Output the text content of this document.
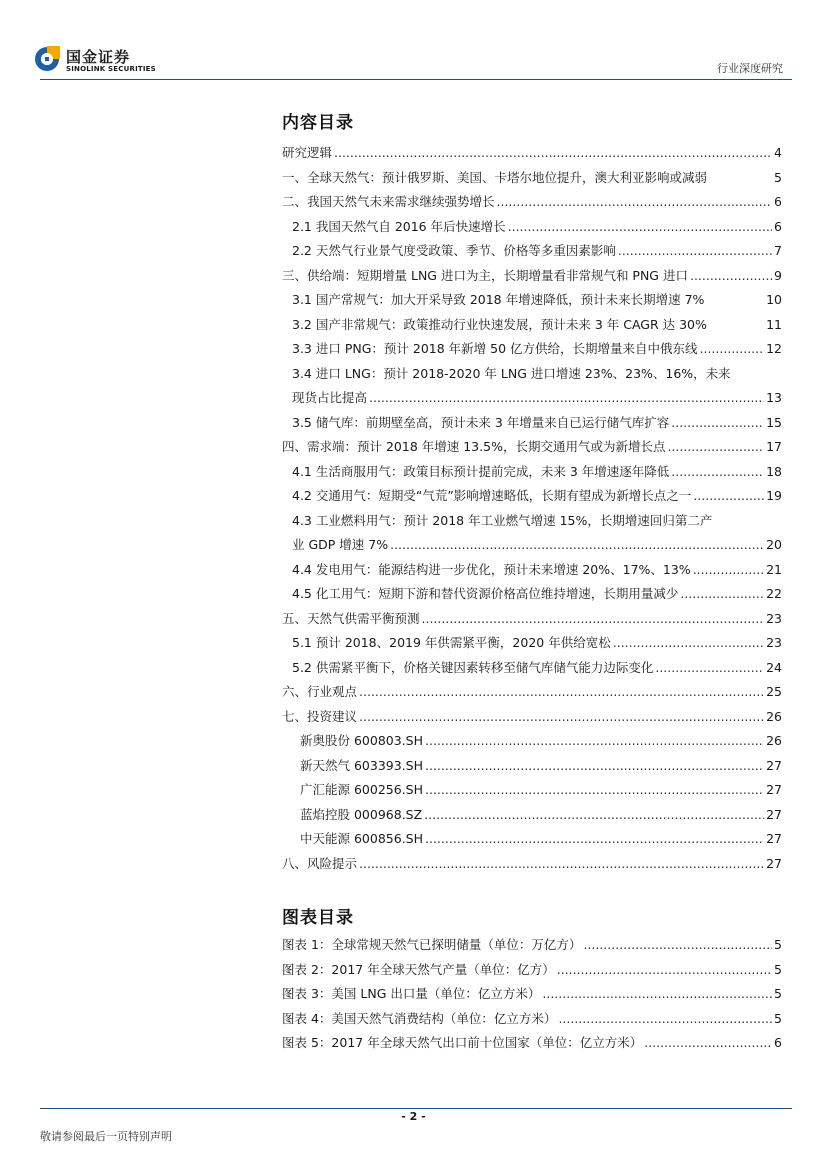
国金证券
SINOLINK SECURITIES	行业深度研究
内容目录
研究逻辑 .....	4
一、全球天然气：预计俄罗斯、美国、卡塔尔地位提升，澳大利亚影响或减弱	5
二、我国天然气未来需求继续强势增长 .....	6
2.1 我国天然气自 2016 年后快速增长 .....	6
2.2 天然气行业景气度受政策、季节、价格等多重因素影响 .....	7
三、供给端：短期增量 LNG 进口为主，长期增量看非常规气和 PNG 进口 .....	9
3.1 国产常规气：加大开采导致 2018 年增速降低，预计未来长期增速 7%	10
3.2 国产非常规气：政策推动行业快速发展，预计未来 3 年 CAGR 达 30%	11
3.3 进口 PNG：预计 2018 年新增 50 亿方供给，长期增量来自中俄东线 .....	12
3.4 进口 LNG：预计 2018-2020 年 LNG 进口增速 23%、23%、16%，未来
现货占比提高 .....	13
3.5 储气库：前期壁垒高，预计未来 3 年增量来自已运行储气库扩容 .....	15
四、需求端：预计 2018 年增速 13.5%，长期交通用气或为新增长点 .....	17
4.1 生活商服用气：政策目标预计提前完成，未来 3 年增速逐年降低 .....	18
4.2 交通用气：短期受“气荒”影响增速略低，长期有望成为新增长点之一 .....	19
4.3 工业燃料用气：预计 2018 年工业燃气增速 15%，长期增速回归第二产
业 GDP 增速 7% .....	20
4.4 发电用气：能源结构进一步优化，预计未来增速 20%、17%、13% .....	21
4.5 化工用气：短期下游和替代资源价格高位维持增速，长期用量减少 .....	22
五、天然气供需平衡预测 .....	23
5.1 预计 2018、2019 年供需紧平衡，2020 年供给宽松 .....	23
5.2 供需紧平衡下，价格关键因素转移至储气库储气能力边际变化 .....	24
六、行业观点 .....	25
七、投资建议 .....	26
新奥股份 600803.SH .....	26
新天然气 603393.SH .....	27
广汇能源 600256.SH .....	27
蓝焰控股 000968.SZ .....	27
中天能源 600856.SH .....	27
八、风险提示 .....	27
图表目录
图表 1：全球常规天然气已探明储量（单位：万亿方） .....	5
图表 2：2017 年全球天然气产量（单位：亿方） .....	5
图表 3：美国 LNG 出口量（单位：亿立方米） .....	5
图表 4：美国天然气消费结构（单位：亿立方米） .....	5
图表 5：2017 年全球天然气出口前十位国家（单位：亿立方米） .....	6
- 2 -
敬请参阅最后一页特别声明
